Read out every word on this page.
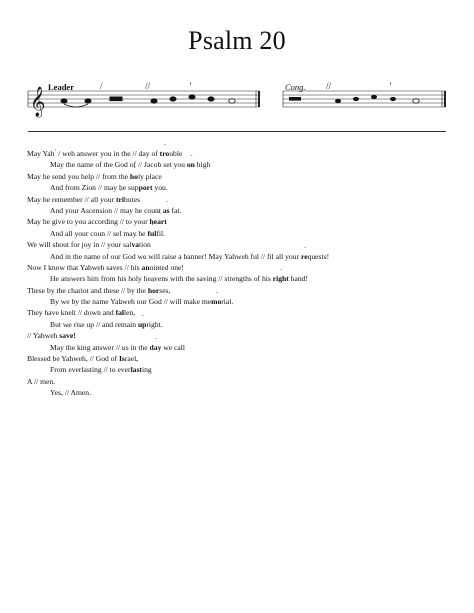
Psalm 20
Leader	Cong.
𝄞
/	//	ʼ	//	ʼ
May Yah / weh answer you in the // day of ´ trouble
May the name of the God of // Jacob set you ´ on high
May he send you help // from the ´ holy place
And from Zion // may he sup´ port you.
May he remember // all your ´ tributes
And your Ascension // may he count ´ as fat.
May he give to you according // to your ´ heart
And all your coun // sel may he ´ fulfil.
We will shout for joy in // your sal´ vation
And in the name of our God we will raise a banner! May Yahweh ful // fil all your ´ requests!
Now I know that Yahweh saves // his ´ anointed one!
He answers him from his holy heavens with the saving // strengths of his ´ right hand!
These by the chariot and these // by the ´ horses,
By we by the name Yahweh our God // will make me´ morial.
They have knelt // down and ´ fallen,
But we rise up // and remain ´ upright.
// Yahweh ´ save!
May the king answer // us in the ´ day we call
Blessed be Yahweh, // God of ´ Israel,
From everlasting // to ever´ lasting
A // men.
Yes, // Amen.
